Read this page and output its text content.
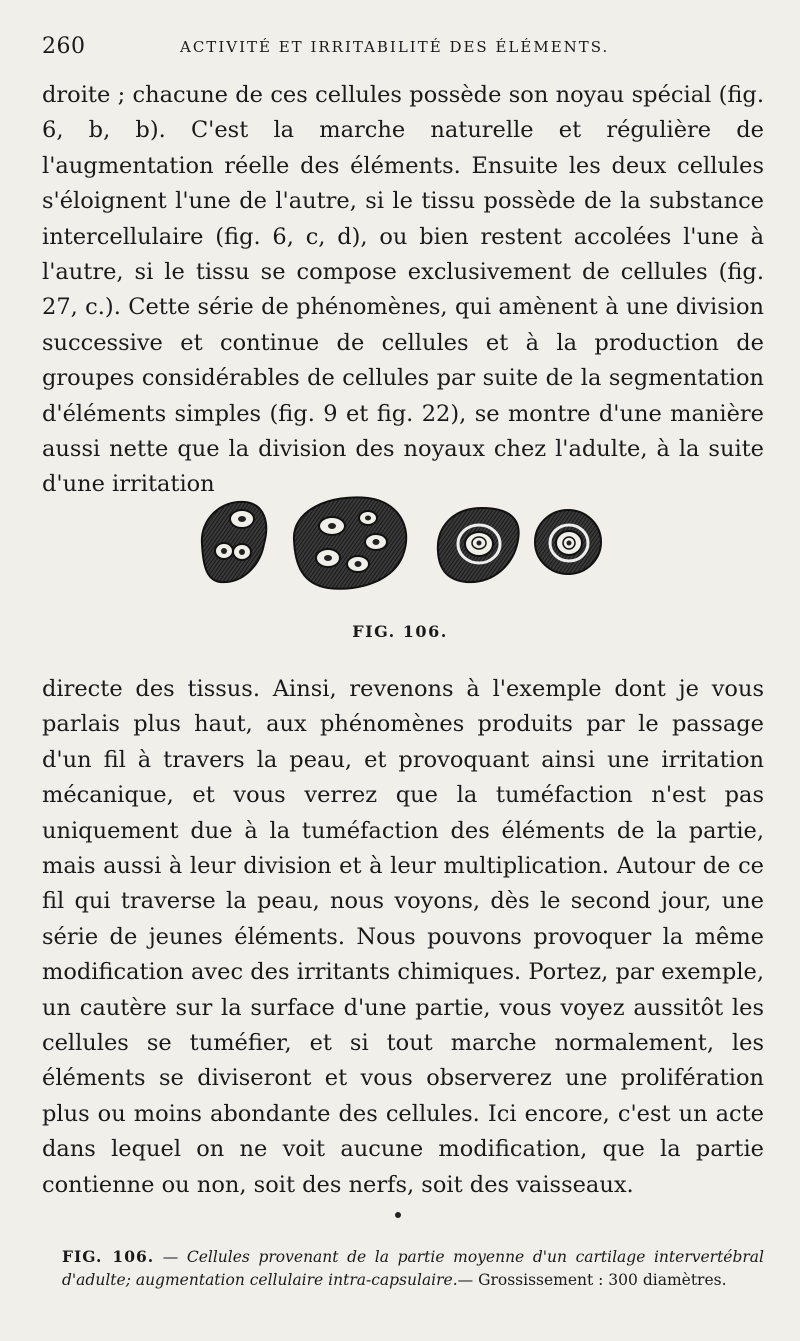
260	ACTIVITÉ ET IRRITABILITÉ DES ÉLÉMENTS.

droite ; chacune de ces cellules possède son noyau spécial (fig. 6, b, b). C'est la marche naturelle et régulière de l'augmentation réelle des éléments. Ensuite les deux cellules s'éloignent l'une de l'autre, si le tissu possède de la substance intercellulaire (fig. 6, c, d), ou bien restent accolées l'une à l'autre, si le tissu se compose exclusivement de cellules (fig. 27, c.). Cette série de phénomènes, qui amènent à une division successive et continue de cellules et à la production de groupes considérables de cellules par suite de la segmentation d'éléments simples (fig. 9 et fig. 22), se montre d'une manière aussi nette que la division des noyaux chez l'adulte, à la suite d'une irritation

FIG. 106.

directe des tissus. Ainsi, revenons à l'exemple dont je vous parlais plus haut, aux phénomènes produits par le passage d'un fil à travers la peau, et provoquant ainsi une irritation mécanique, et vous verrez que la tuméfaction n'est pas uniquement due à la tuméfaction des éléments de la partie, mais aussi à leur division et à leur multiplication. Autour de ce fil qui traverse la peau, nous voyons, dès le second jour, une série de jeunes éléments. Nous pouvons provoquer la même modification avec des irritants chimiques. Portez, par exemple, un cautère sur la surface d'une partie, vous voyez aussitôt les cellules se tuméfier, et si tout marche normalement, les éléments se diviseront et vous observerez une prolifération plus ou moins abondante des cellules. Ici encore, c'est un acte dans lequel on ne voit aucune modification, que la partie contienne ou non, soit des nerfs, soit des vaisseaux.

FIG. 106. — Cellules provenant de la partie moyenne d'un cartilage intervertébral d'adulte; augmentation cellulaire intra-capsulaire.— Grossissement : 300 diamètres.
